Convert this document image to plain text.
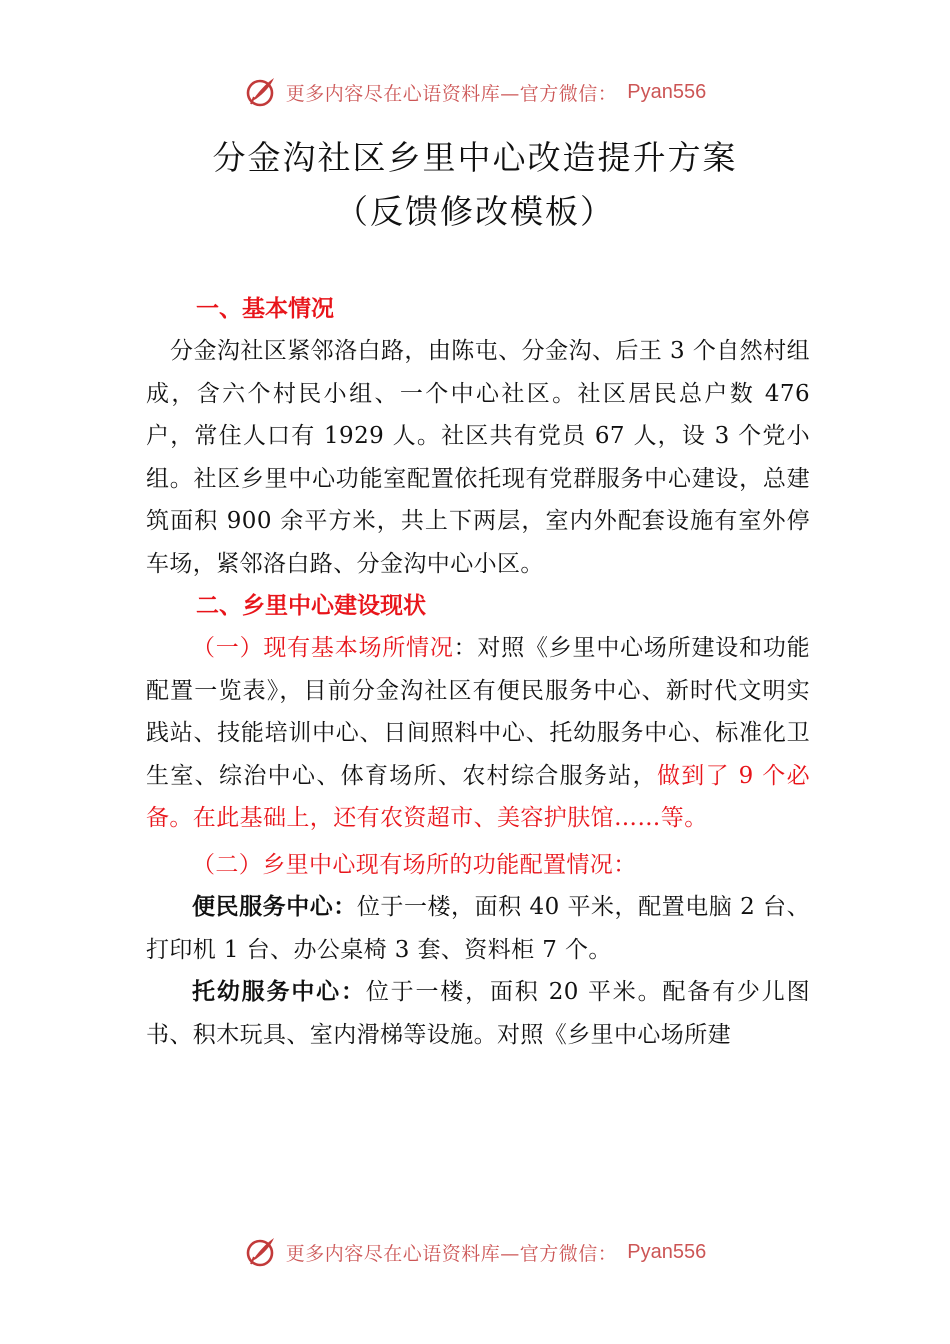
更多内容尽在心语资料库—官方微信： Pyan556
分金沟社区乡里中心改造提升方案
（反馈修改模板）

一、基本情况

分金沟社区紧邻洛白路，由陈屯、分金沟、后王 3 个自然村组成，含六个村民小组、一个中心社区。社区居民总户数 476 户，常住人口有 1929 人。社区共有党员 67 人，设 3 个党小组。社区乡里中心功能室配置依托现有党群服务中心建设，总建筑面积 900 余平方米，共上下两层，室内外配套设施有室外停车场，紧邻洛白路、分金沟中心小区。

二、乡里中心建设现状

（一）现有基本场所情况：对照《乡里中心场所建设和功能配置一览表》，目前分金沟社区有便民服务中心、新时代文明实践站、技能培训中心、日间照料中心、托幼服务中心、标准化卫生室、综治中心、体育场所、农村综合服务站，做到了 9 个必备。在此基础上，还有农资超市、美容护肤馆……等。

（二）乡里中心现有场所的功能配置情况：

便民服务中心：位于一楼，面积 40 平米，配置电脑 2 台、打印机 1 台、办公桌椅 3 套、资料柜 7 个。

托幼服务中心：位于一楼，面积 20 平米。配备有少儿图书、积木玩具、室内滑梯等设施。对照《乡里中心场所建

更多内容尽在心语资料库—官方微信： Pyan556
